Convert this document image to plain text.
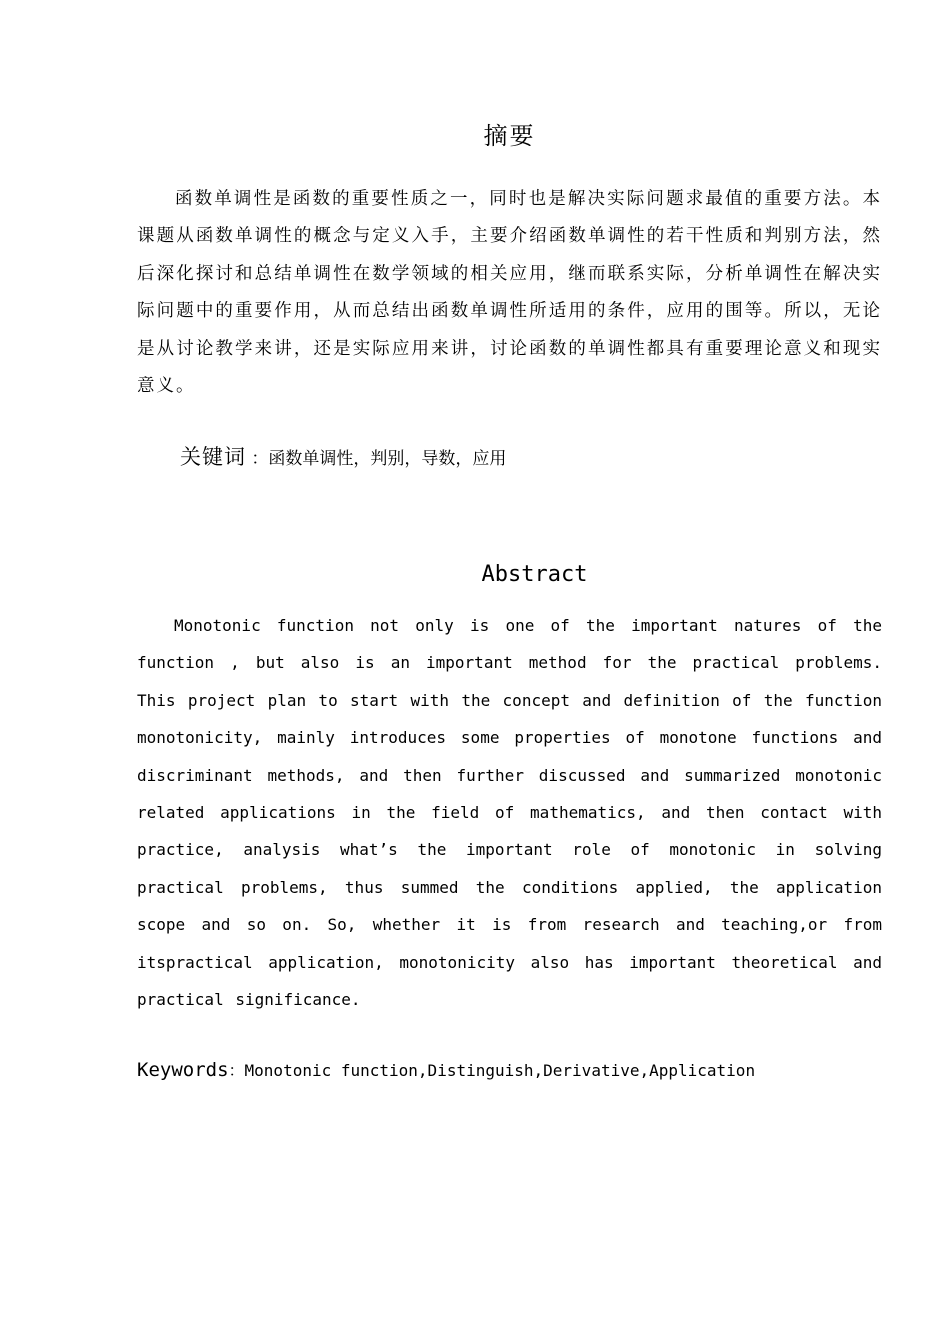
摘要

函数单调性是函数的重要性质之一，同时也是解决实际问题求最值的重要方法。本课题从函数单调性的概念与定义入手，主要介绍函数单调性的若干性质和判别方法，然后深化探讨和总结单调性在数学领域的相关应用，继而联系实际，分析单调性在解决实际问题中的重要作用，从而总结出函数单调性所适用的条件，应用的围等。所以，无论是从讨论教学来讲，还是实际应用来讲，讨论函数的单调性都具有重要理论意义和现实意义。

关键词 ：函数单调性，判别，导数，应用
Abstract

Monotonic function not only is one of the important natures of the function , but also is an important method for the practical problems. This project plan to start with the concept and definition of the function monotonicity, mainly introduces some properties of monotone functions and discriminant methods, and then further discussed and summarized monotonic related applications in the field of mathematics, and then contact with practice, analysis what’s the important role of monotonic in solving practical problems, thus summed the conditions applied, the application scope and so on. So, whether it is from research and teaching,or from itspractical application, monotonicity also has important theoretical and practical significance.

Keywords：Monotonic function,Distinguish,Derivative,Application
